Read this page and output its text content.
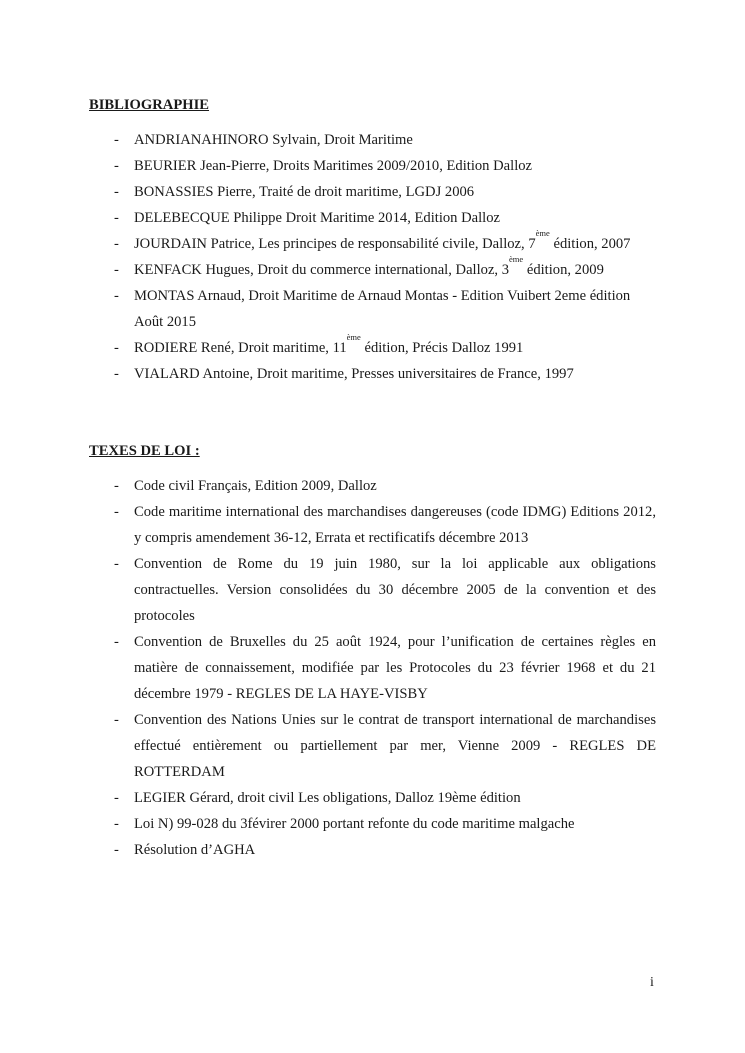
BIBLIOGRAPHIE
- ANDRIANAHINORO Sylvain, Droit Maritime
- BEURIER Jean-Pierre, Droits Maritimes 2009/2010, Edition Dalloz
- BONASSIES Pierre, Traité de droit maritime, LGDJ 2006
- DELEBECQUE Philippe Droit Maritime 2014, Edition Dalloz
- JOURDAIN Patrice, Les principes de responsabilité civile, Dalloz, 7ème édition, 2007
- KENFACK Hugues, Droit du commerce international, Dalloz, 3ème édition, 2009
- MONTAS Arnaud, Droit Maritime de Arnaud Montas - Edition Vuibert 2eme édition Août 2015
- RODIERE René, Droit maritime, 11ème édition, Précis Dalloz 1991
- VIALARD Antoine, Droit maritime, Presses universitaires de France, 1997
TEXES DE LOI :
- Code civil Français, Edition 2009, Dalloz
- Code maritime international des marchandises dangereuses (code IDMG) Editions 2012, y compris amendement 36-12, Errata et rectificatifs décembre 2013
- Convention de Rome du 19 juin 1980, sur la loi applicable aux obligations contractuelles. Version consolidées du 30 décembre 2005 de la convention et des protocoles
- Convention de Bruxelles du 25 août 1924, pour l’unification de certaines règles en matière de connaissement, modifiée par les Protocoles du 23 février 1968 et du 21 décembre 1979 - REGLES DE LA HAYE-VISBY
- Convention des Nations Unies sur le contrat de transport international de marchandises effectué entièrement ou partiellement par mer, Vienne 2009 - REGLES DE ROTTERDAM
- LEGIER Gérard, droit civil Les obligations, Dalloz 19ème édition
- Loi N) 99-028 du 3févirer 2000 portant refonte du code maritime malgache
- Résolution d’AGHA
i
